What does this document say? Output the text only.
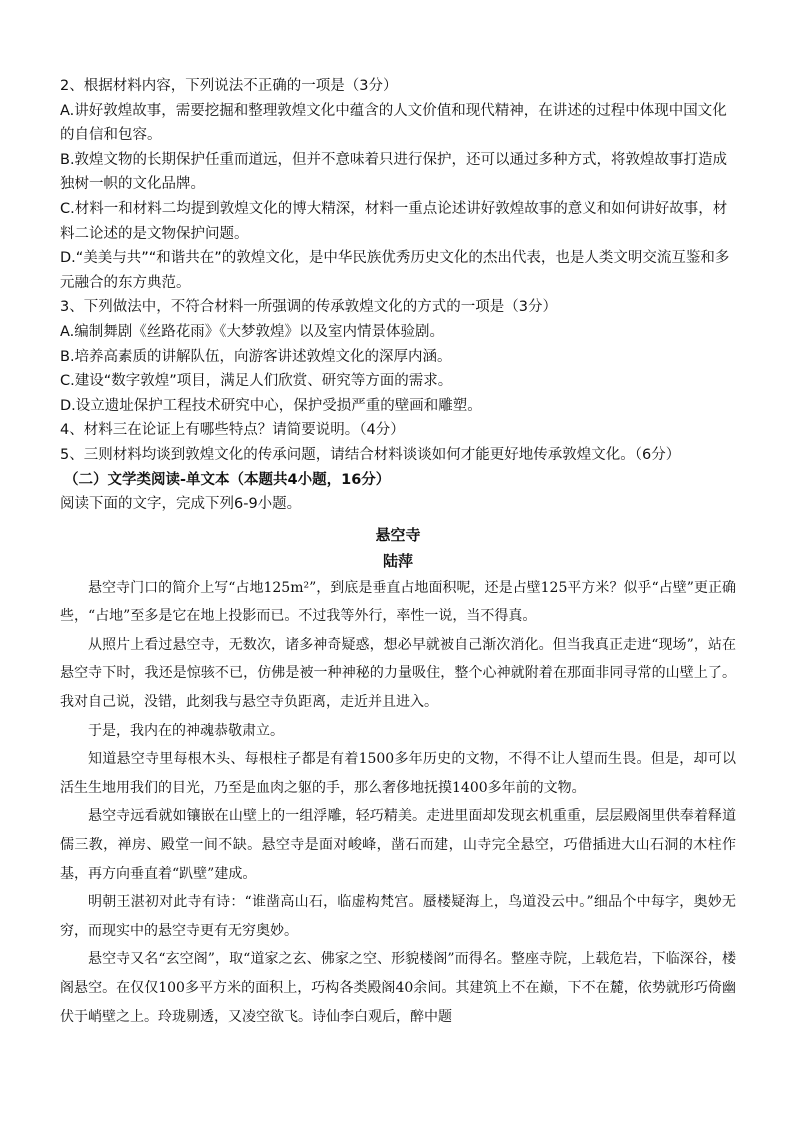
2、根据材料内容，下列说法不正确的一项是（3分）

A.讲好敦煌故事，需要挖掘和整理敦煌文化中蕴含的人文价值和现代精神，在讲述的过程中体现中国文化的自信和包容。

B.敦煌文物的长期保护任重而道远，但并不意味着只进行保护，还可以通过多种方式，将敦煌故事打造成独树一帜的文化品牌。

C.材料一和材料二均提到敦煌文化的博大精深，材料一重点论述讲好敦煌故事的意义和如何讲好故事，材料二论述的是文物保护问题。

D.“美美与共”“和谐共在”的敦煌文化，是中华民族优秀历史文化的杰出代表，也是人类文明交流互鉴和多元融合的东方典范。

3、下列做法中，不符合材料一所强调的传承敦煌文化的方式的一项是（3分）

A.编制舞剧《丝路花雨》《大梦敦煌》以及室内情景体验剧。

B.培养高素质的讲解队伍，向游客讲述敦煌文化的深厚内涵。

C.建设“数字敦煌”项目，满足人们欣赏、研究等方面的需求。

D.设立遗址保护工程技术研究中心，保护受损严重的壁画和雕塑。

4、材料三在论证上有哪些特点？请简要说明。（4分）

5、三则材料均谈到敦煌文化的传承问题，请结合材料谈谈如何才能更好地传承敦煌文化。（6分）

（二）文学类阅读-单文本（本题共4小题，16分）

阅读下面的文字，完成下列6-9小题。

悬空寺

陆萍

悬空寺门口的简介上写“占地125m²”，到底是垂直占地面积呢，还是占壁125平方米？似乎“占壁”更正确些，“占地”至多是它在地上投影而已。不过我等外行，率性一说，当不得真。

从照片上看过悬空寺，无数次，诸多神奇疑惑，想必早就被自己渐次消化。但当我真正走进“现场”，站在悬空寺下时，我还是惊骇不已，仿佛是被一种神秘的力量吸住，整个心神就附着在那面非同寻常的山壁上了。我对自己说，没错，此刻我与悬空寺负距离，走近并且进入。

于是，我内在的神魂恭敬肃立。

知道悬空寺里每根木头、每根柱子都是有着1500多年历史的文物，不得不让人望而生畏。但是，却可以活生生地用我们的目光，乃至是血肉之躯的手，那么奢侈地抚摸1400多年前的文物。

悬空寺远看就如镶嵌在山壁上的一组浮雕，轻巧精美。走进里面却发现玄机重重，层层殿阁里供奉着释道儒三教，禅房、殿堂一间不缺。悬空寺是面对峻峰，凿石而建，山寺完全悬空，巧借插进大山石洞的木柱作基，再方向垂直着“趴壁”建成。

明朝王湛初对此寺有诗：“谁凿高山石，临虚构梵宫。蜃楼疑海上，鸟道没云中。”细品个中每字，奥妙无穷，而现实中的悬空寺更有无穷奥妙。

悬空寺又名“玄空阁”，取“道家之玄、佛家之空、形貌楼阁”而得名。整座寺院，上载危岩，下临深谷，楼阁悬空。在仅仅100多平方米的面积上，巧构各类殿阁40余间。其建筑上不在巅，下不在麓，依势就形巧倚幽伏于峭壁之上。玲珑剔透，又凌空欲飞。诗仙李白观后，醉中题
